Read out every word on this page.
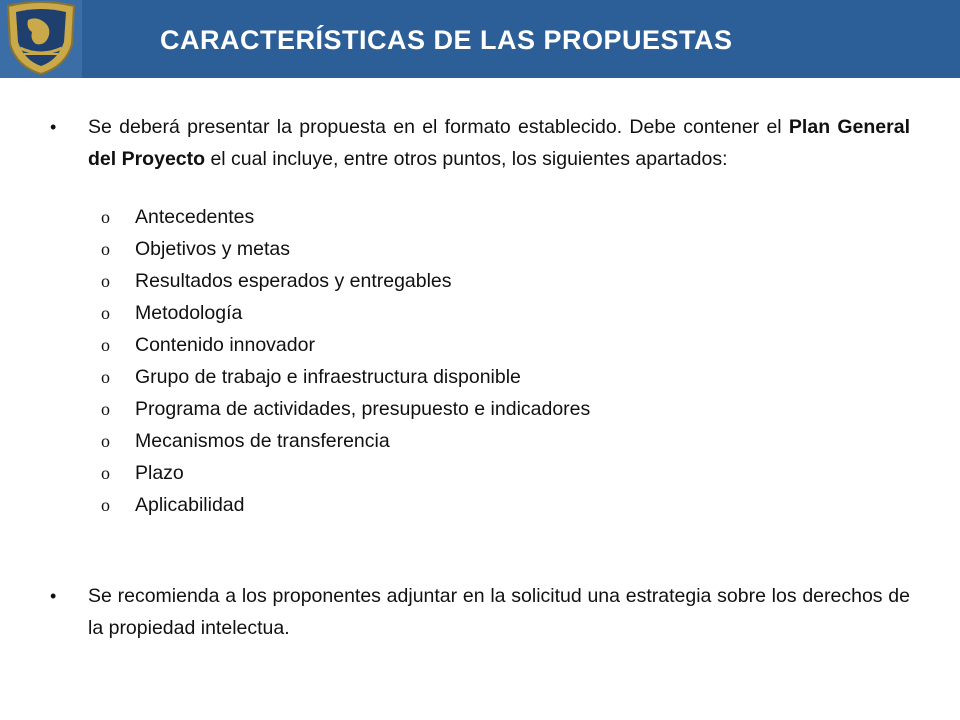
CARACTERÍSTICAS DE LAS PROPUESTAS
•	Se deberá presentar la propuesta en el formato establecido. Debe contener el Plan General del Proyecto el cual incluye, entre otros puntos, los siguientes apartados:
o Antecedentes
o Objetivos y metas
o Resultados esperados y entregables
o Metodología
o Contenido innovador
o Grupo de trabajo e infraestructura disponible
o Programa de actividades, presupuesto e indicadores
o Mecanismos de transferencia
o Plazo
o Aplicabilidad
•	Se recomienda a los proponentes adjuntar en la solicitud una estrategia sobre los derechos de la propiedad intelectua.
